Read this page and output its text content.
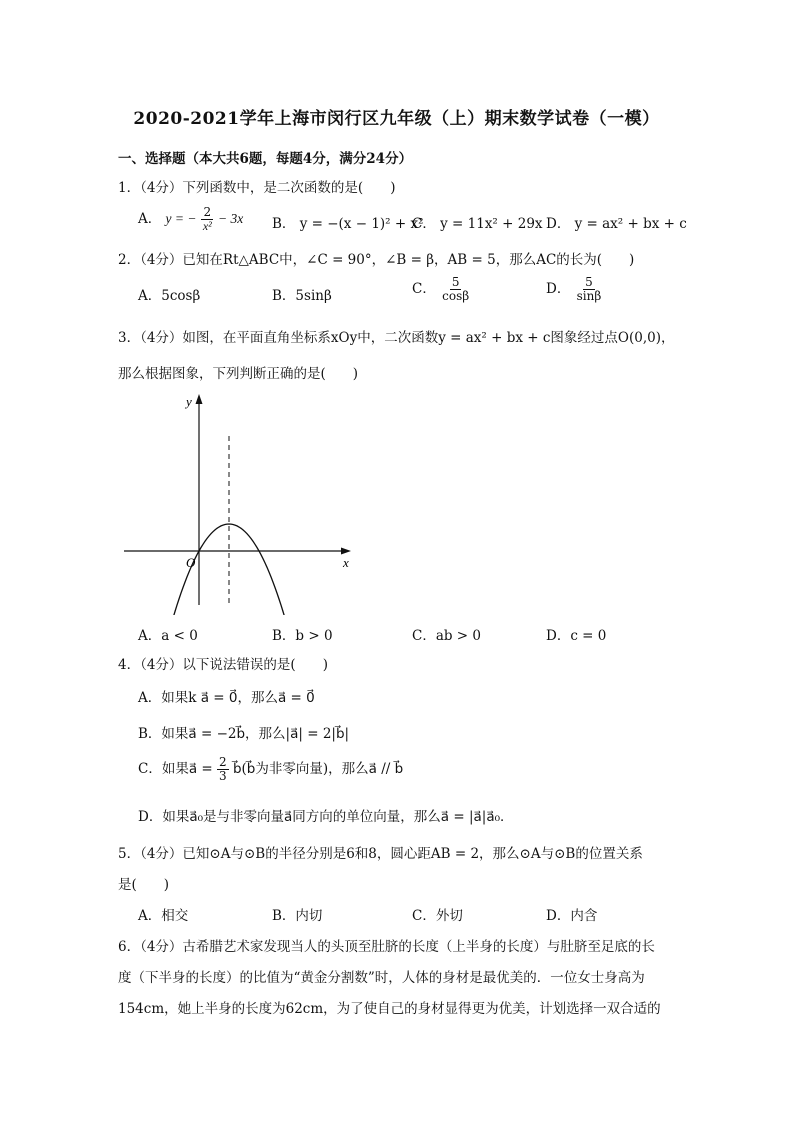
2020-2021学年上海市闵行区九年级（上）期末数学试卷（一模）
一、选择题（本大共6题，每题4分，满分24分）
1．（4分）下列函数中，是二次函数的是(　　)
A． y = − $\frac{2}{\text{x²}} - 3x$ B． y = −(x − 1)² + x²
C． y = 11x² + 29x D． y = ax² + bx + c
2．（4分）已知在Rt△ABC中，∠C = 90°，∠B = β，AB = 5，那么AC的长为(　　)
A．5cosβ	B．5sinβ	C． $\frac{5}{\cos\beta}$	D． $\frac{5}{\sin\beta}$
3．（4分）如图，在平面直角坐标系xOy中，二次函数y = ax² + bx + c图象经过点O(0,0)，
那么根据图象，下列判断正确的是(　　)
y
x
O
A．a < 0	B．b > 0	C．ab > 0	D．c = 0
4．（4分）以下说法错误的是(　　)
A．如果k a⃗ = 0⃗，那么a⃗ = 0⃗
B．如果a⃗ = −2b⃗，那么|a⃗| = 2|b⃗|
C．如果a⃗ = $\frac{2}{3}$ b⃗(b⃗为非零向量)，那么a⃗ // b⃗
D．如果a⃗₀是与非零向量a⃗同方向的单位向量，那么a⃗ = |a⃗|a⃗₀．
5．（4分）已知⊙A与⊙B的半径分别是6和8，圆心距AB = 2，那么⊙A与⊙B的位置关系
是(　　)
A．相交	B．内切	C．外切	D．内含
6．（4分）古希腊艺术家发现当人的头顶至肚脐的长度（上半身的长度）与肚脐至足底的长
度（下半身的长度）的比值为“黄金分割数”时，人体的身材是最优美的．一位女士身高为
154cm，她上半身的长度为62cm，为了使自己的身材显得更为优美，计划选择一双合适的
